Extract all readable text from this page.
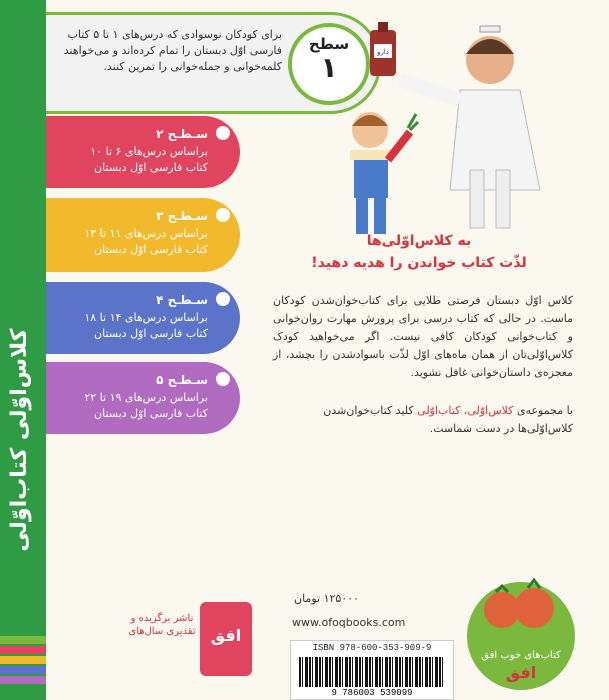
کلاس‌اوّلی کتاب‌اوّلی
سطح
۱
برای کودکان نوسوادی که درس‌های ۱ تا ۵ کتاب فارسی اوّل دبستان را تمام کرده‌اند و می‌خواهند کلمه‌خوانی و جمله‌خوانی را تمرین کنند.
سـطـح ۲
براساس درس‌های ۶ تا ۱۰
کتاب فارسی اوّل دبستان
سـطـح ۳
براساس درس‌های ۱۱ تا ۱۳
کتاب فارسی اوّل دبستان
سـطـح ۴
براساس درس‌های ۱۴ تا ۱۸
کتاب فارسی اوّل دبستان
سـطـح ۵
براساس درس‌های ۱۹ تا ۲۲
کتاب فارسی اوّل دبستان
دارو
به کلاس‌اوّلی‌ها
لذّت کتاب خواندن را هدیه دهید!
کلاس اوّل دبستان فرصتی طلایی برای کتاب‌خوان‌شدن کودکان ماست. در حالی که کتاب درسی برای پرورش مهارت روان‌خوانی و کتاب‌خوانی کودکان کافی نیست. اگر می‌خواهید کودک کلاس‌اوّلی‌تان از همان ماه‌های اوّل لذّت باسوادشدن را بچشد، از معجزه‌ی داستان‌خوانی غافل نشوید.
با مجموعه‌ی کلاس‌اوّلی، کتاب‌اوّلی کلید کتاب‌خوان‌شدن کلاس‌اوّلی‌ها در دست شماست.
۱۲۵۰۰۰ تومان
www.ofoqbooks.com
ISBN 978-600-353-909-9
9 786003 539099
ناشر برگزیده و تقدیری سال‌های افق
کتاب‌های خوب افق
افق
